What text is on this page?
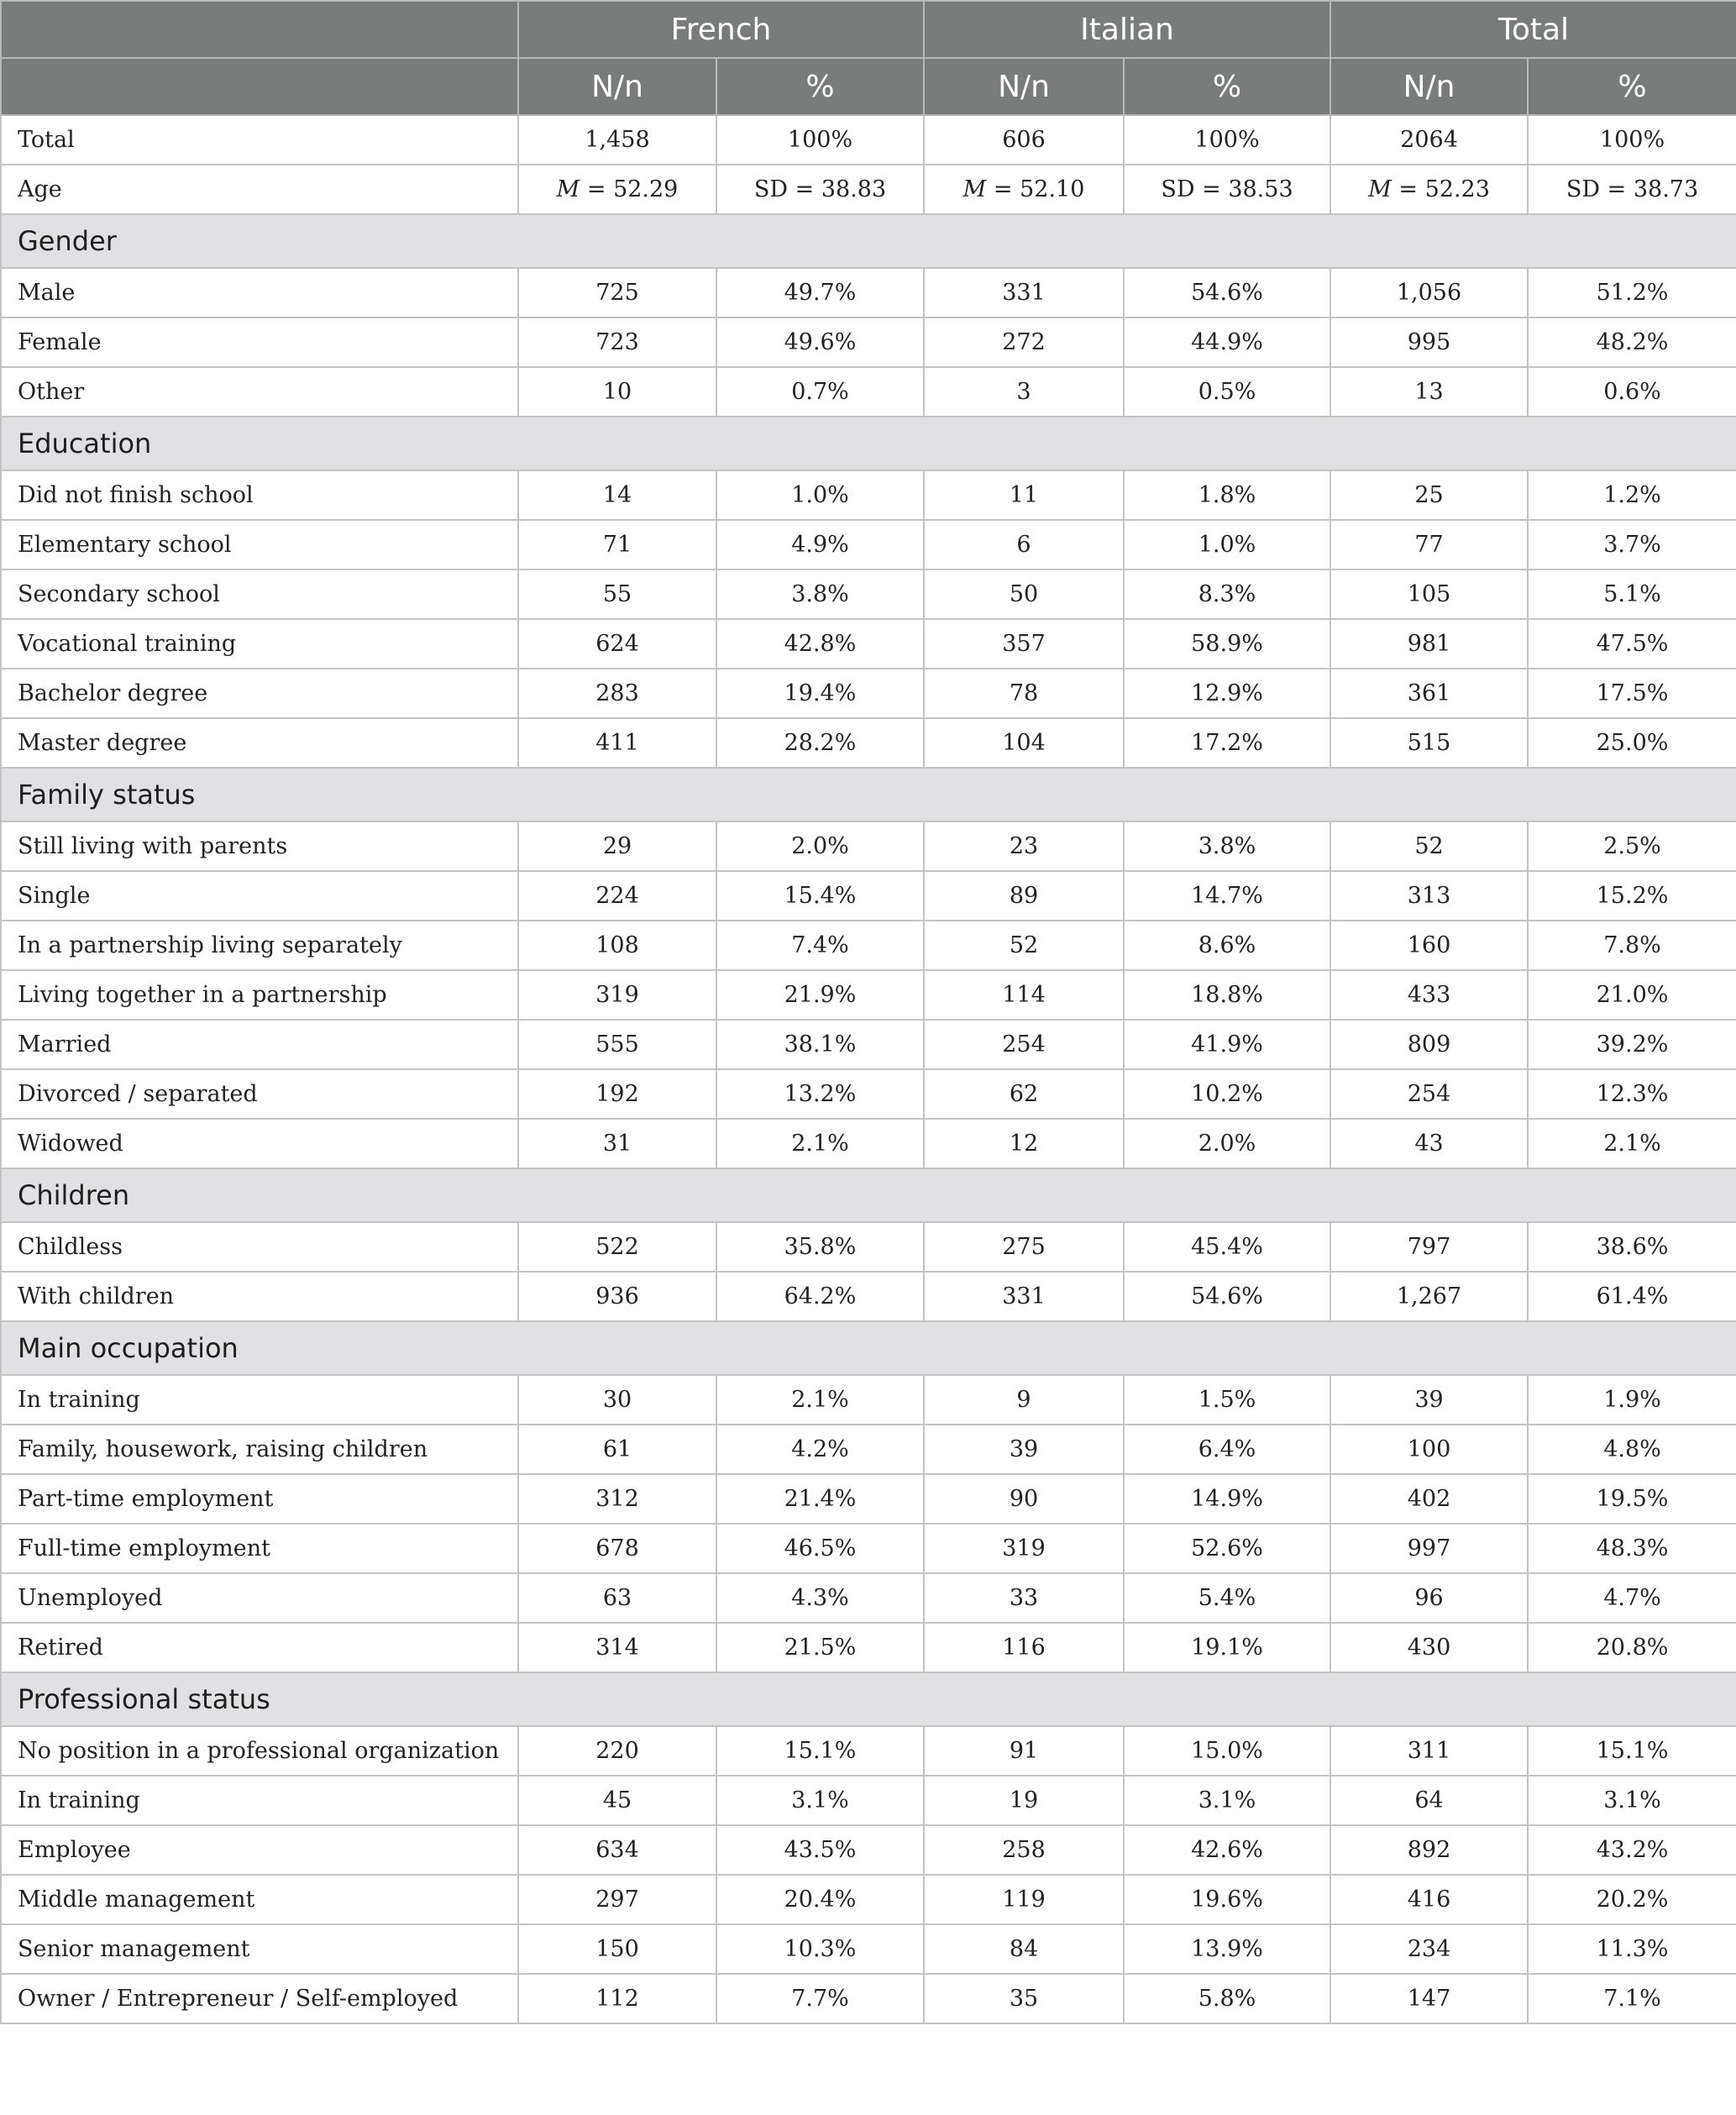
	French		Italian		Total	
	N/n	%	N/n	%	N/n	%
Total	1,458	100%	606	100%	2064	100%
Age	M = 52.29	SD = 38.83	M = 52.10	SD = 38.53	M = 52.23	SD = 38.73
Gender						
Male	725	49.7%	331	54.6%	1,056	51.2%
Female	723	49.6%	272	44.9%	995	48.2%
Other	10	0.7%	3	0.5%	13	0.6%
Education						
Did not finish school	14	1.0%	11	1.8%	25	1.2%
Elementary school	71	4.9%	6	1.0%	77	3.7%
Secondary school	55	3.8%	50	8.3%	105	5.1%
Vocational training	624	42.8%	357	58.9%	981	47.5%
Bachelor degree	283	19.4%	78	12.9%	361	17.5%
Master degree	411	28.2%	104	17.2%	515	25.0%
Family status						
Still living with parents	29	2.0%	23	3.8%	52	2.5%
Single	224	15.4%	89	14.7%	313	15.2%
In a partnership living separately	108	7.4%	52	8.6%	160	7.8%
Living together in a partnership	319	21.9%	114	18.8%	433	21.0%
Married	555	38.1%	254	41.9%	809	39.2%
Divorced / separated	192	13.2%	62	10.2%	254	12.3%
Widowed	31	2.1%	12	2.0%	43	2.1%
Children						
Childless	522	35.8%	275	45.4%	797	38.6%
With children	936	64.2%	331	54.6%	1,267	61.4%
Main occupation						
In training	30	2.1%	9	1.5%	39	1.9%
Family, housework, raising children	61	4.2%	39	6.4%	100	4.8%
Part-time employment	312	21.4%	90	14.9%	402	19.5%
Full-time employment	678	46.5%	319	52.6%	997	48.3%
Unemployed	63	4.3%	33	5.4%	96	4.7%
Retired	314	21.5%	116	19.1%	430	20.8%
Professional status						
No position in a professional organization	220	15.1%	91	15.0%	311	15.1%
In training	45	3.1%	19	3.1%	64	3.1%
Employee	634	43.5%	258	42.6%	892	43.2%
Middle management	297	20.4%	119	19.6%	416	20.2%
Senior management	150	10.3%	84	13.9%	234	11.3%
Owner / Entrepreneur / Self-employed	112	7.7%	35	5.8%	147	7.1%
